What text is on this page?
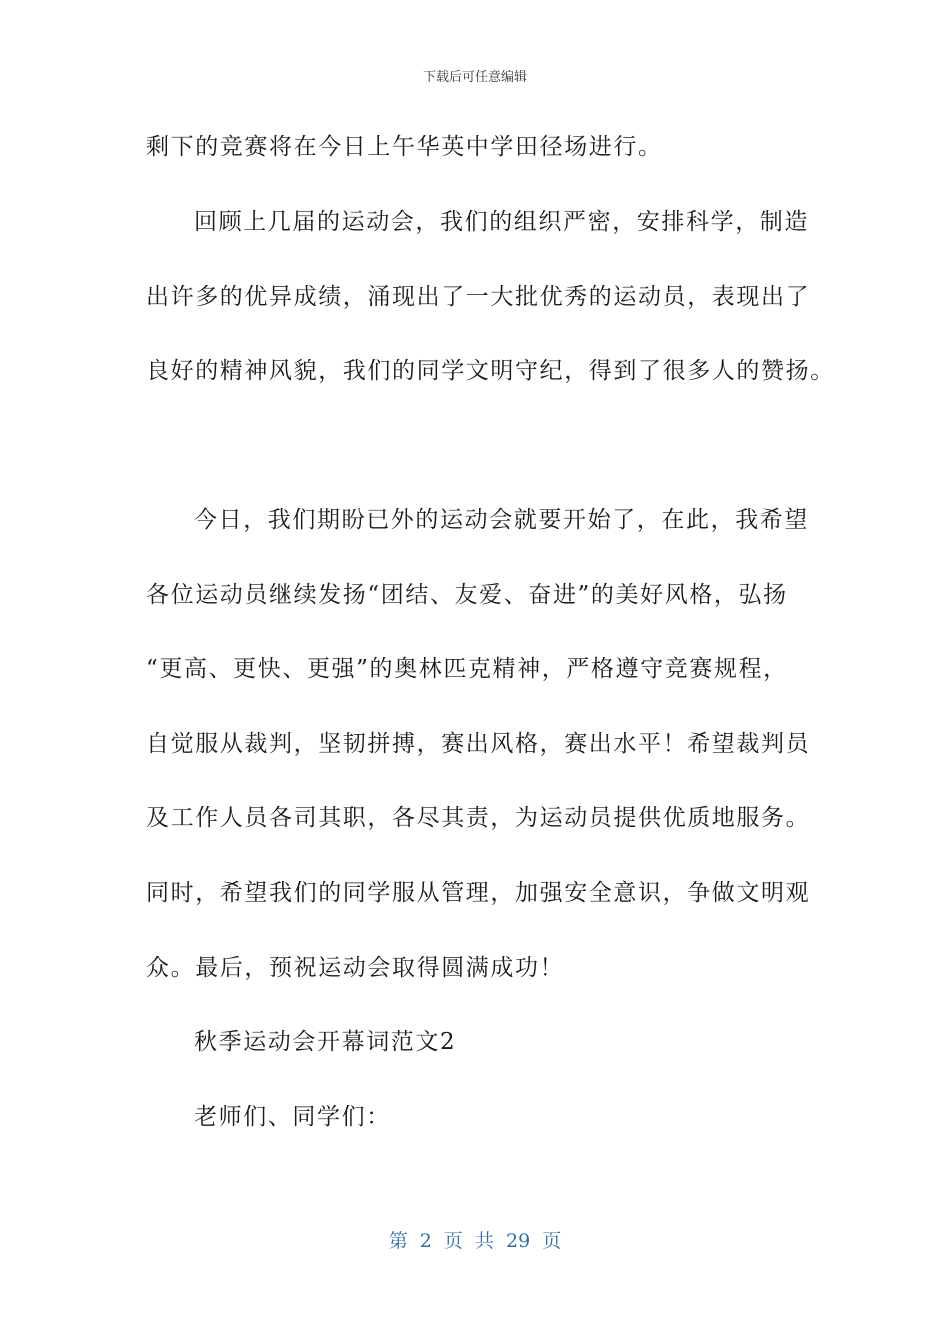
下载后可任意编辑
剩下的竞赛将在今日上午华英中学田径场进行。
回顾上几届的运动会，我们的组织严密，安排科学，制造
出许多的优异成绩，涌现出了一大批优秀的运动员，表现出了
良好的精神风貌，我们的同学文明守纪，得到了很多人的赞扬。
今日，我们期盼已外的运动会就要开始了，在此，我希望
各位运动员继续发扬“团结、友爱、奋进”的美好风格，弘扬
“更高、更快、更强”的奥林匹克精神，严格遵守竞赛规程，
自觉服从裁判，坚韧拼搏，赛出风格，赛出水平！希望裁判员
及工作人员各司其职，各尽其责，为运动员提供优质地服务。
同时，希望我们的同学服从管理，加强安全意识，争做文明观
众。最后，预祝运动会取得圆满成功！
秋季运动会开幕词范文2
老师们、同学们：
第 2 页 共 29 页
